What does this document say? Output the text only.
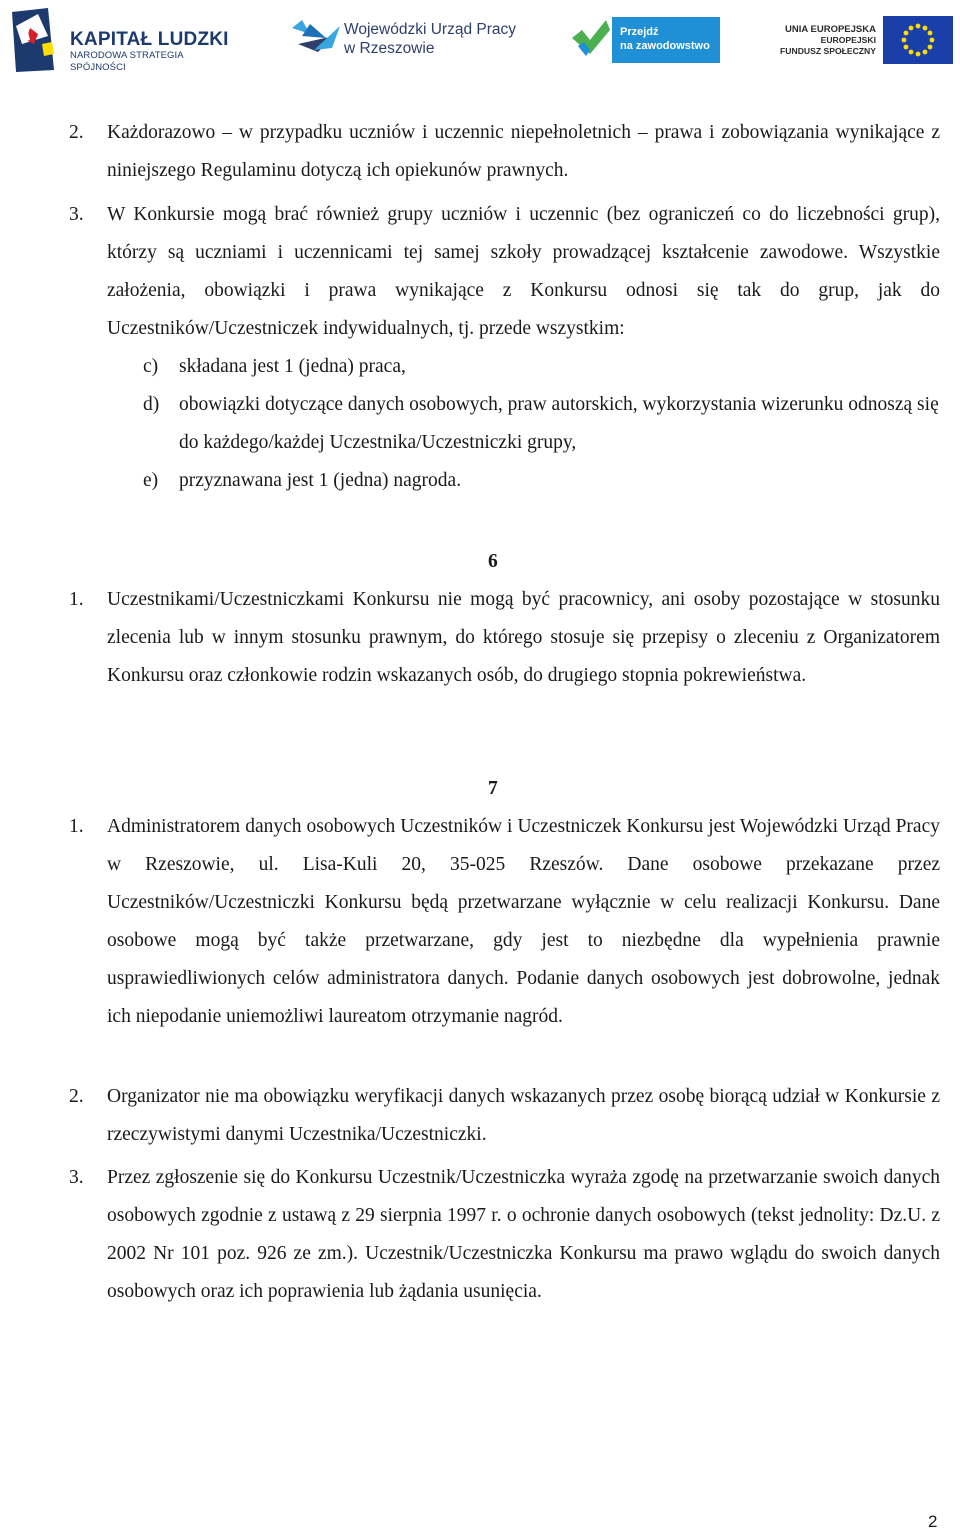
KAPITAŁ LUDZKI
NARODOWA STRATEGIA SPÓJNOŚCI
Wojewódzki Urząd Pracy
w Rzeszowie
Przejdź
na zawodowstwo
UNIA EUROPEJSKA
EUROPEJSKI
FUNDUSZ SPOŁECZNY
2. Każdorazowo – w przypadku uczniów i uczennic niepełnoletnich – prawa i zobowiązania wynikające z niniejszego Regulaminu dotyczą ich opiekunów prawnych.
3. W Konkursie mogą brać również grupy uczniów i uczennic (bez ograniczeń co do liczebności grup), którzy są uczniami i uczennicami tej samej szkoły prowadzącej kształcenie zawodowe. Wszystkie założenia, obowiązki i prawa wynikające z Konkursu odnosi się tak do grup, jak do Uczestników/Uczestniczek indywidualnych, tj. przede wszystkim:
c) składana jest 1 (jedna) praca,
d) obowiązki dotyczące danych osobowych, praw autorskich, wykorzystania wizerunku odnoszą się do każdego/każdej Uczestnika/Uczestniczki grupy,
e) przyznawana jest 1 (jedna) nagroda.
6
1. Uczestnikami/Uczestniczkami Konkursu nie mogą być pracownicy, ani osoby pozostające w stosunku zlecenia lub w innym stosunku prawnym, do którego stosuje się przepisy o zleceniu z Organizatorem Konkursu oraz członkowie rodzin wskazanych osób, do drugiego stopnia pokrewieństwa.
7
1. Administratorem danych osobowych Uczestników i Uczestniczek Konkursu jest Wojewódzki Urząd Pracy w Rzeszowie, ul. Lisa-Kuli 20, 35-025 Rzeszów. Dane osobowe przekazane przez Uczestników/Uczestniczki Konkursu będą przetwarzane wyłącznie w celu realizacji Konkursu. Dane osobowe mogą być także przetwarzane, gdy jest to niezbędne dla wypełnienia prawnie usprawiedliwionych celów administratora danych. Podanie danych osobowych jest dobrowolne, jednak ich niepodanie uniemożliwi laureatom otrzymanie nagród.
2. Organizator nie ma obowiązku weryfikacji danych wskazanych przez osobę biorącą udział w Konkursie z rzeczywistymi danymi Uczestnika/Uczestniczki.
3. Przez zgłoszenie się do Konkursu Uczestnik/Uczestniczka wyraża zgodę na przetwarzanie swoich danych osobowych zgodnie z ustawą z 29 sierpnia 1997 r. o ochronie danych osobowych (tekst jednolity: Dz.U. z 2002 Nr 101 poz. 926 ze zm.). Uczestnik/Uczestniczka Konkursu ma prawo wglądu do swoich danych osobowych oraz ich poprawienia lub żądania usunięcia.
2
